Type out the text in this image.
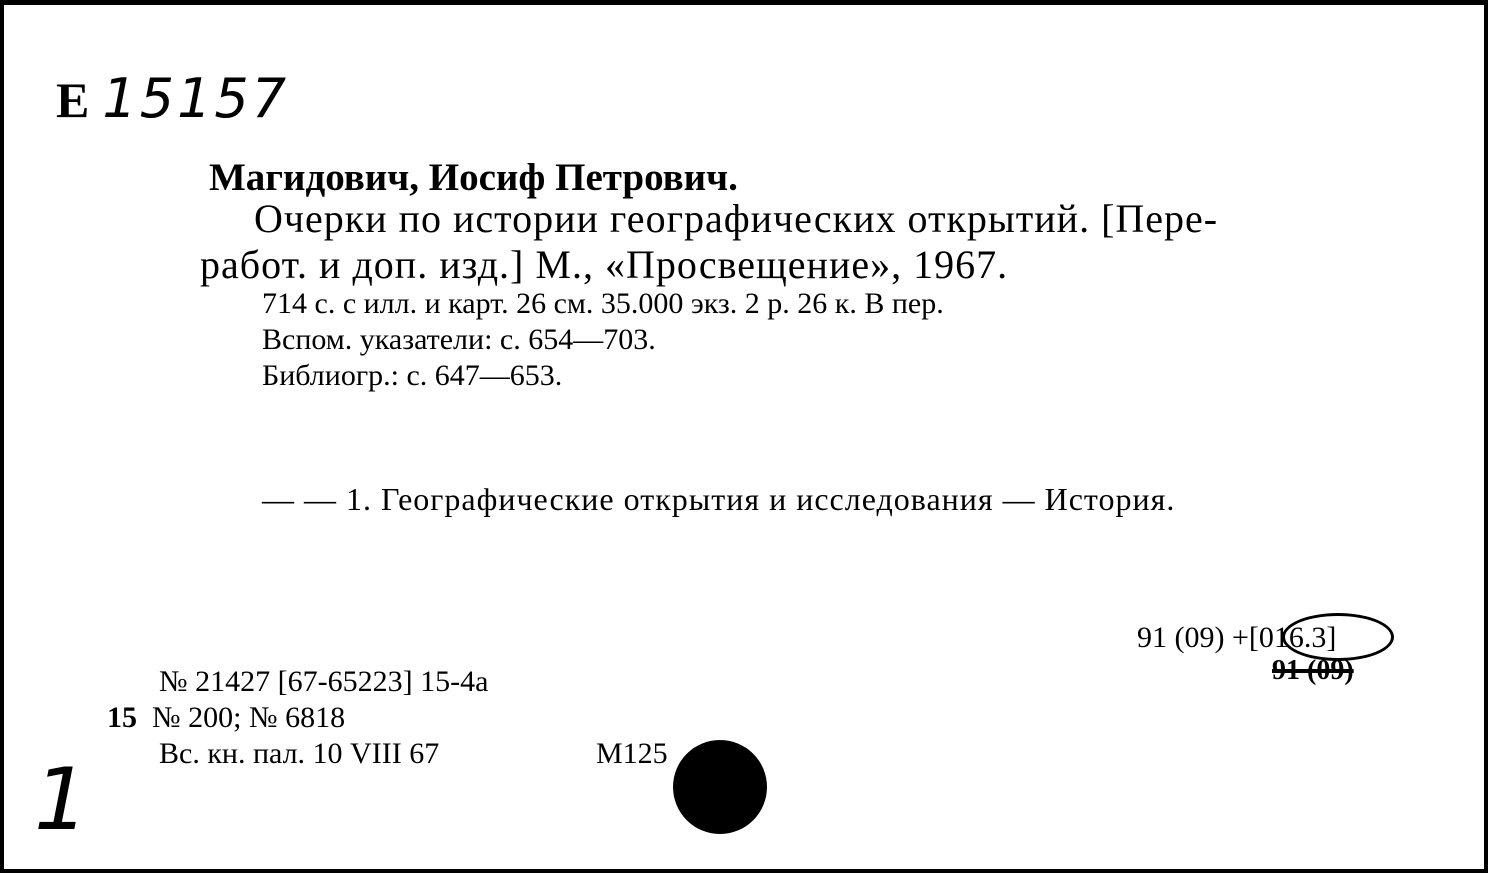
Е 15157
Магидович, Иосиф Петрович.
Очерки по истории географических открытий. [Пере-
работ. и доп. изд.] М., «Просвещение», 1967.
714 с. с илл. и карт. 26 см. 35.000 экз. 2 р. 26 к. В пер.
Вспом. указатели: с. 654—703.
Библиогр.: с. 647—653.
— — 1. Географические открытия и исследования — История.
91 (09) +[016.3]
91 (09)
№ 21427 [67-65223] 15-4а
15 № 200; № 6818
Вс. кн. пал. 10 VIII 67	М125
1
